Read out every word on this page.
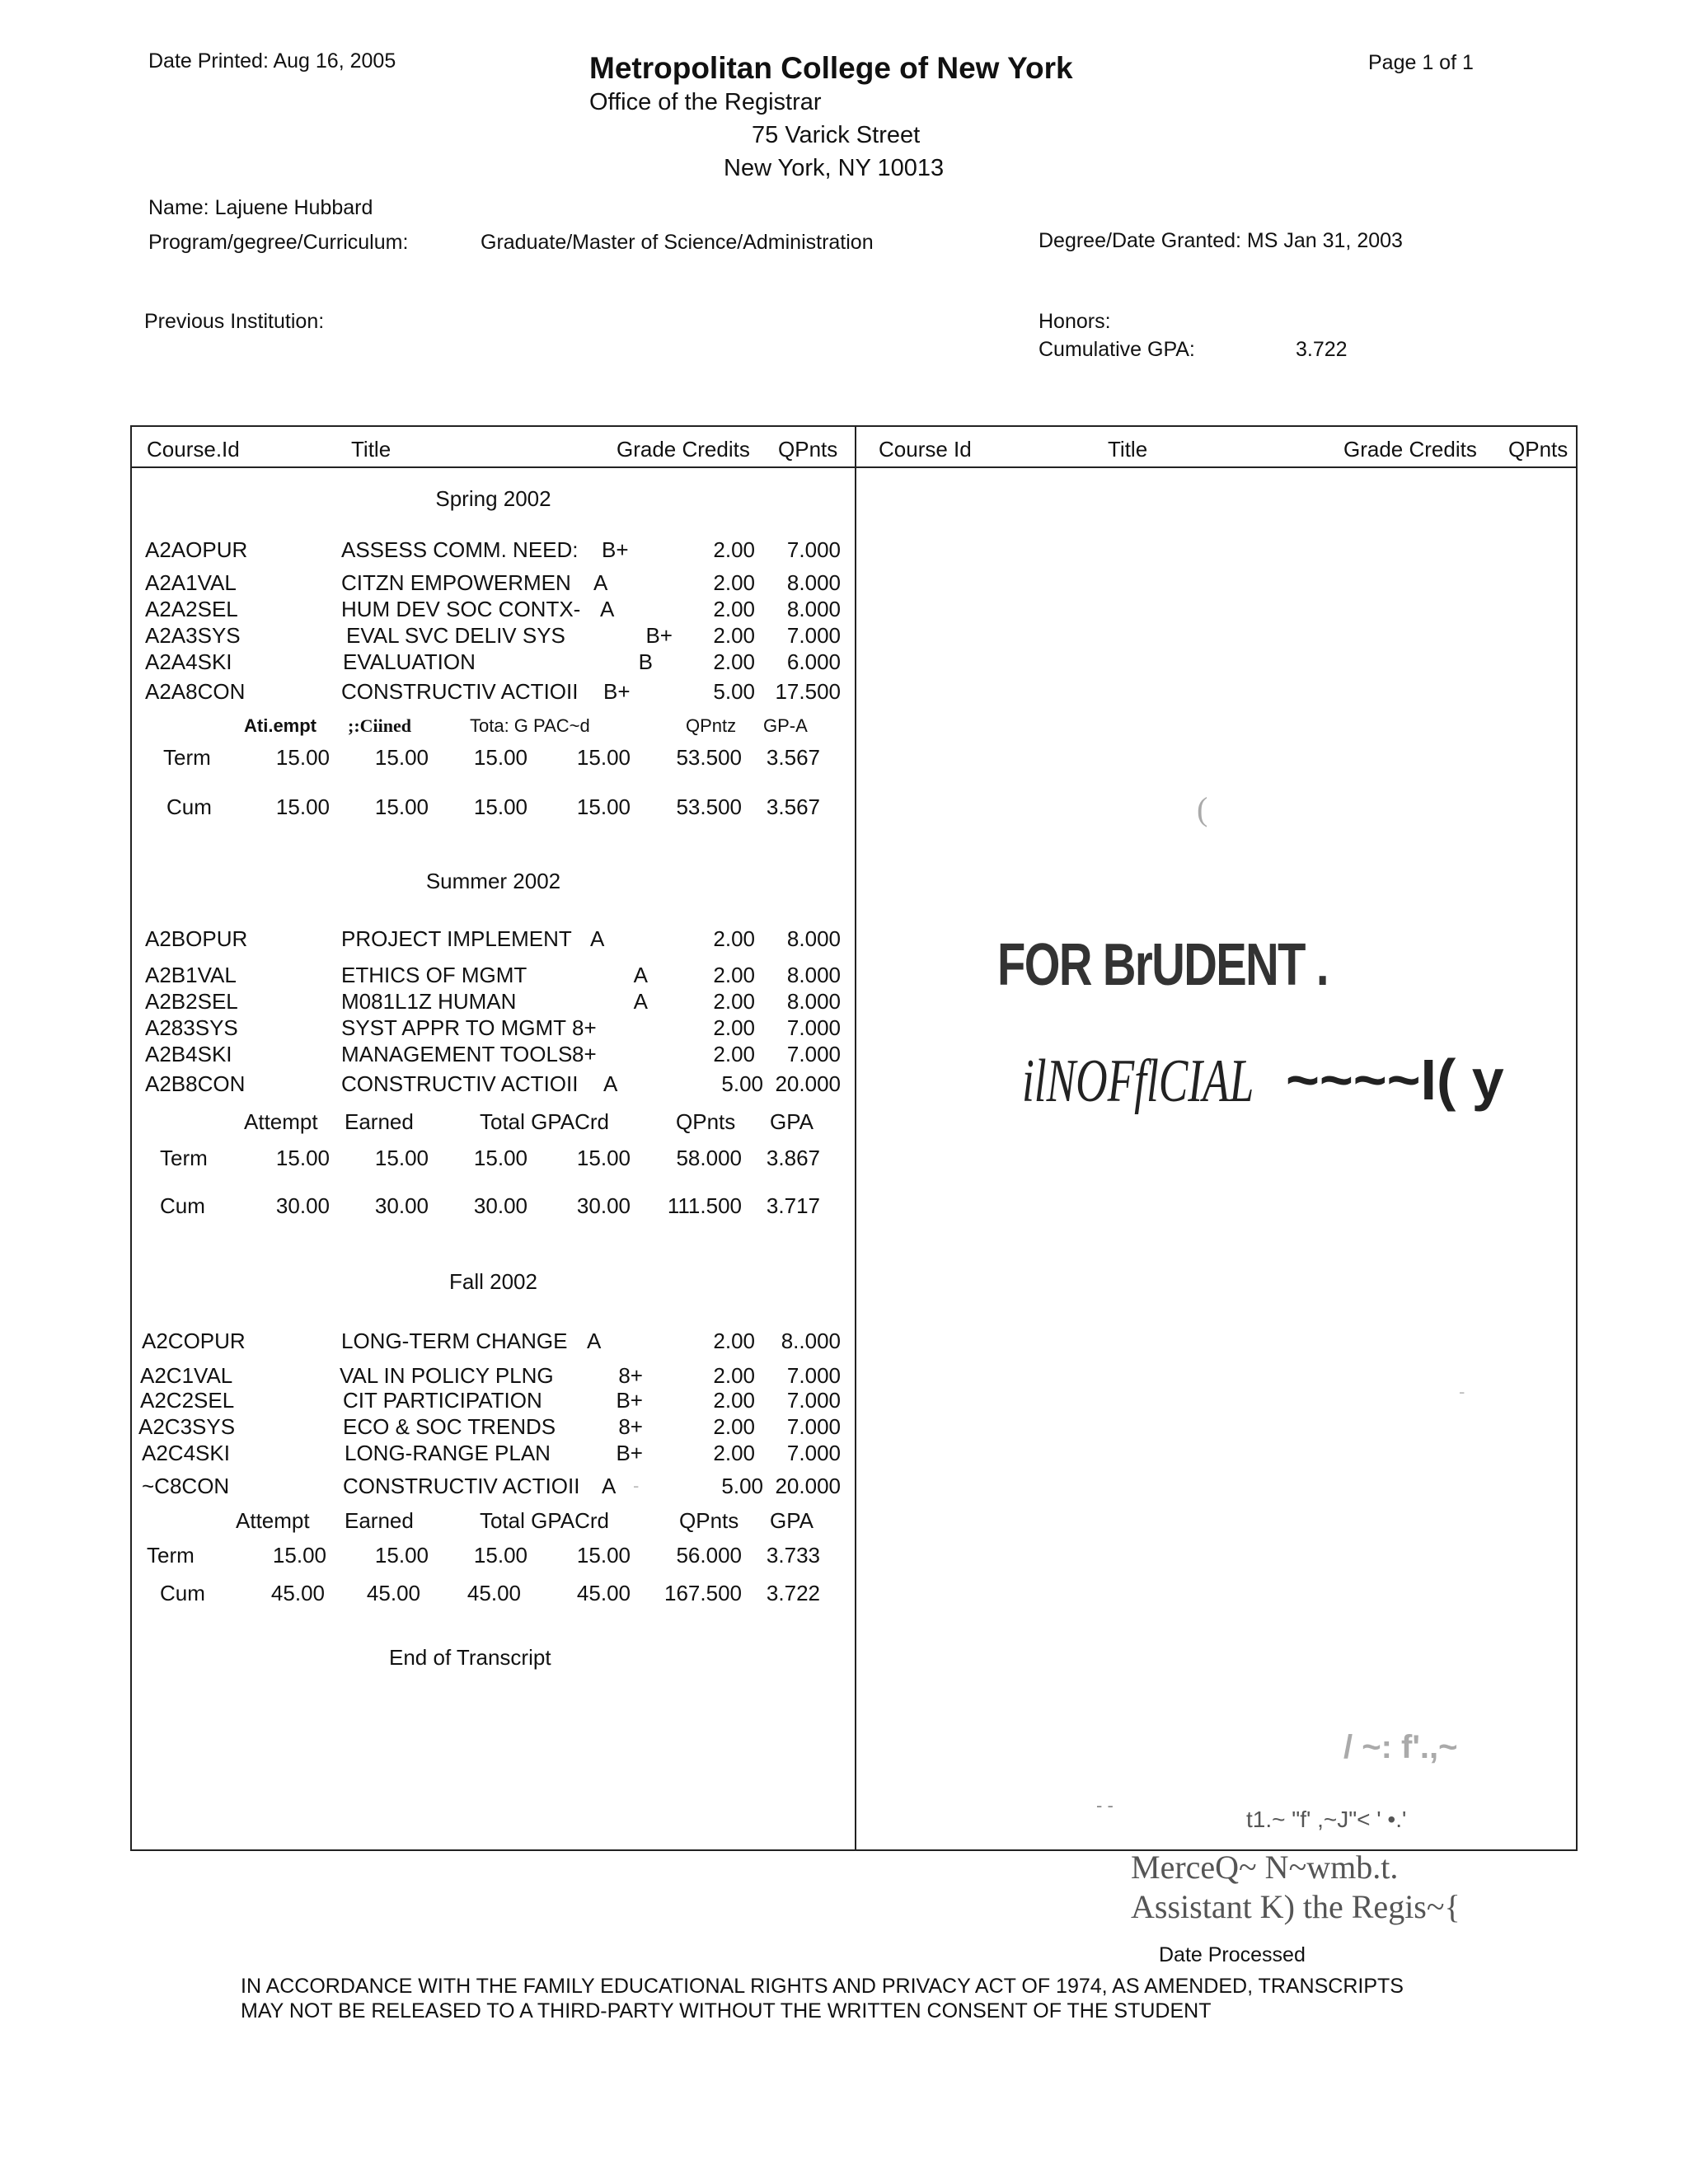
Date Printed: Aug 16, 2005	Metropolitan College of New York
Office of the Registrar
75 Varick Street
New York, NY 10013
Page 1 of 1
Name: Lajuene Hubbard
Program/gegree/Curriculum:	Graduate/Master of Science/Administration	Degree/Date Granted: MS Jan 31, 2003
Previous Institution:	Honors:
Cumulative GPA:	3.722
Course.Id	Title	Grade Credits QPnts Course Id	Title	Grade Credits QPnts
Spring 2002
A2AOPUR	ASSESS COMM. NEED: B+	2.00	7.000
A2A1VAL	CITZN EMPOWERMEN A	2.00	8.000
A2A2SEL	HUM DEV SOC CONTX- A	2.00	8.000
A2A3SYS	EVAL SVC DELIV SYS	B+	2.00	7.000
A2A4SKI	EVALUATION	B	2.00	6.000
A2A8CON	CONSTRUCTIV ACTIOII B+	5.00 17.500
Ati.empt ;:Ciined	Tota: G PAC~d	QPntz GP-A
Term	15.00	15.00	15.00	15.00	53.500	3.567
Cum	15.00	15.00	15.00	15.00	53.500	3.567
Summer 2002
A2BOPUR	PROJECT IMPLEMENT A	2.00	8.000
A2B1VAL	ETHICS OF MGMT	A	2.00	8.000
A2B2SEL	M081L1Z HUMAN	A	2.00	8.000
A283SYS	SYST APPR TO MGMT 8+	2.00	7.000
A2B4SKI	MANAGEMENT TOOLS 8+	2.00	7.000
A2B8CON	CONSTRUCTIV ACTIOII A	5.00 20.000
Attempt Earned	Total GPACrd	QPnts GPA
Term	15.00	15.00	15.00	15.00	58.000	3.867
Cum	30.00	30.00	30.00	30.00	111.500	3.717
Fall 2002
A2COPUR	LONG-TERM CHANGE A	2.00	8..000
A2C1VAL	VAL IN POLICY PLNG	8+	2.00	7.000
A2C2SEL	CIT PARTICIPATION	B+	2.00	7.000
A2C3SYS	ECO & SOC TRENDS	8+	2.00	7.000
A2C4SKI	LONG-RANGE PLAN	B+	2.00	7.000
~C8CON	CONSTRUCTIV ACTIOII A	5.00 20.000
Attempt Earned	Total GPACrd	QPnts GPA
Term	15.00	15.00	15.00	15.00	56.000	3.733
Cum	45.00	45.00	45.00	45.00 167.500	3.722
End of Transcript
(
-
-
/ ~: f'.,~
- -
t1.~ "f' ,~J"< ' •.'
FOR BrUDENT .
ilNOFflCIAL ~~~~I( y
MerceQ~ N~wmb.t.
Assistant K) the Regis~{
Date Processed
IN ACCORDANCE WITH THE FAMILY EDUCATIONAL RIGHTS AND PRIVACY ACT OF 1974, AS AMENDED, TRANSCRIPTS
MAY NOT BE RELEASED TO A THIRD-PARTY WITHOUT THE WRITTEN CONSENT OF THE STUDENT
